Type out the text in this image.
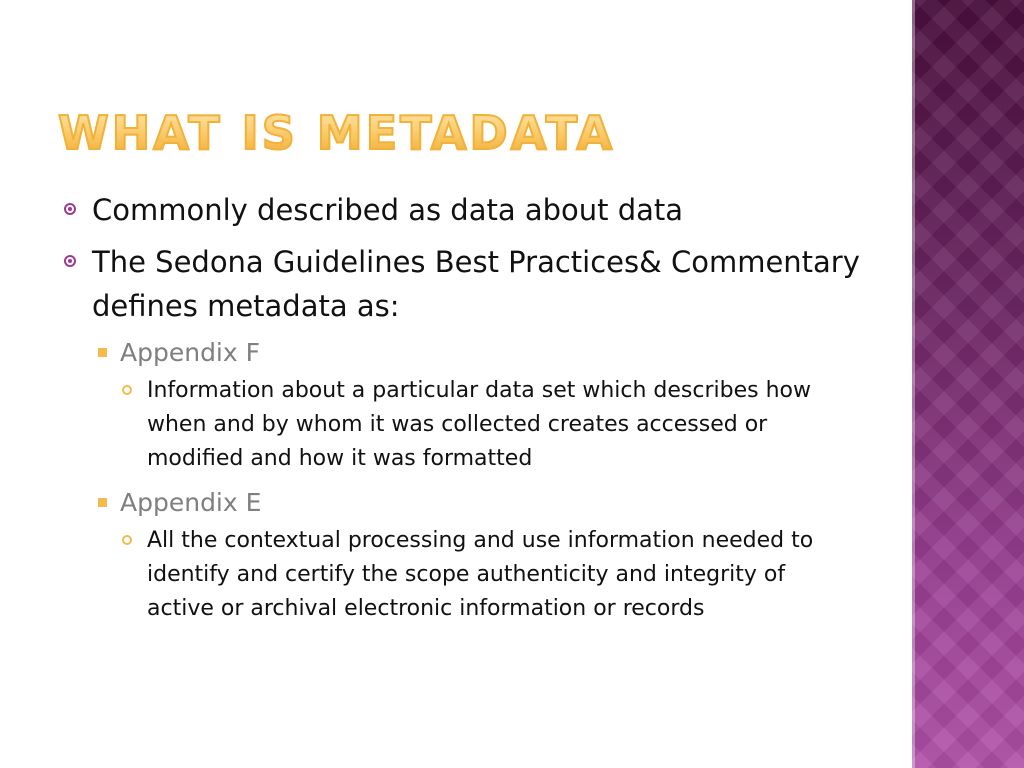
WHAT IS METADATA
Commonly described as data about data
The Sedona Guidelines Best Practices& Commentary defines metadata as:
Appendix F
Information about a particular data set which describes how when and by whom it was collected creates accessed or modified and how it was formatted
Appendix E
All the contextual processing and use information needed to identify and certify the scope authenticity and integrity of active or archival electronic information or records
